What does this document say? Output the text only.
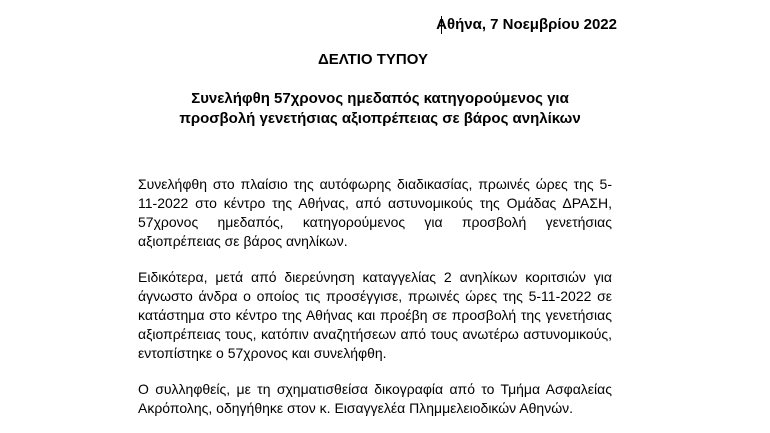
Αθήνα, 7 Νοεμβρίου 2022
ΔΕΛΤΙΟ ΤΥΠΟΥ
Συνελήφθη 57χρονος ημεδαπός κατηγορούμενος για προσβολή γενετήσιας αξιοπρέπειας σε βάρος ανηλίκων

Συνελήφθη στο πλαίσιο της αυτόφωρης διαδικασίας, πρωινές ώρες της 5-11-2022 στο κέντρο της Αθήνας, από αστυνομικούς της Ομάδας ΔΡΑΣΗ, 57χρονος ημεδαπός, κατηγορούμενος για προσβολή γενετήσιας αξιοπρέπειας σε βάρος ανηλίκων.

Ειδικότερα, μετά από διερεύνηση καταγγελίας 2 ανηλίκων κοριτσιών για άγνωστο άνδρα ο οποίος τις προσέγγισε, πρωινές ώρες της 5-11-2022 σε κατάστημα στο κέντρο της Αθήνας και προέβη σε προσβολή της γενετήσιας αξιοπρέπειας τους, κατόπιν αναζητήσεων από τους ανωτέρω αστυνομικούς, εντοπίστηκε ο 57χρονος και συνελήφθη.

Ο συλληφθείς, με τη σχηματισθείσα δικογραφία από το Τμήμα Ασφαλείας Ακρόπολης, οδηγήθηκε στον κ. Εισαγγελέα Πλημμελειοδικών Αθηνών.
